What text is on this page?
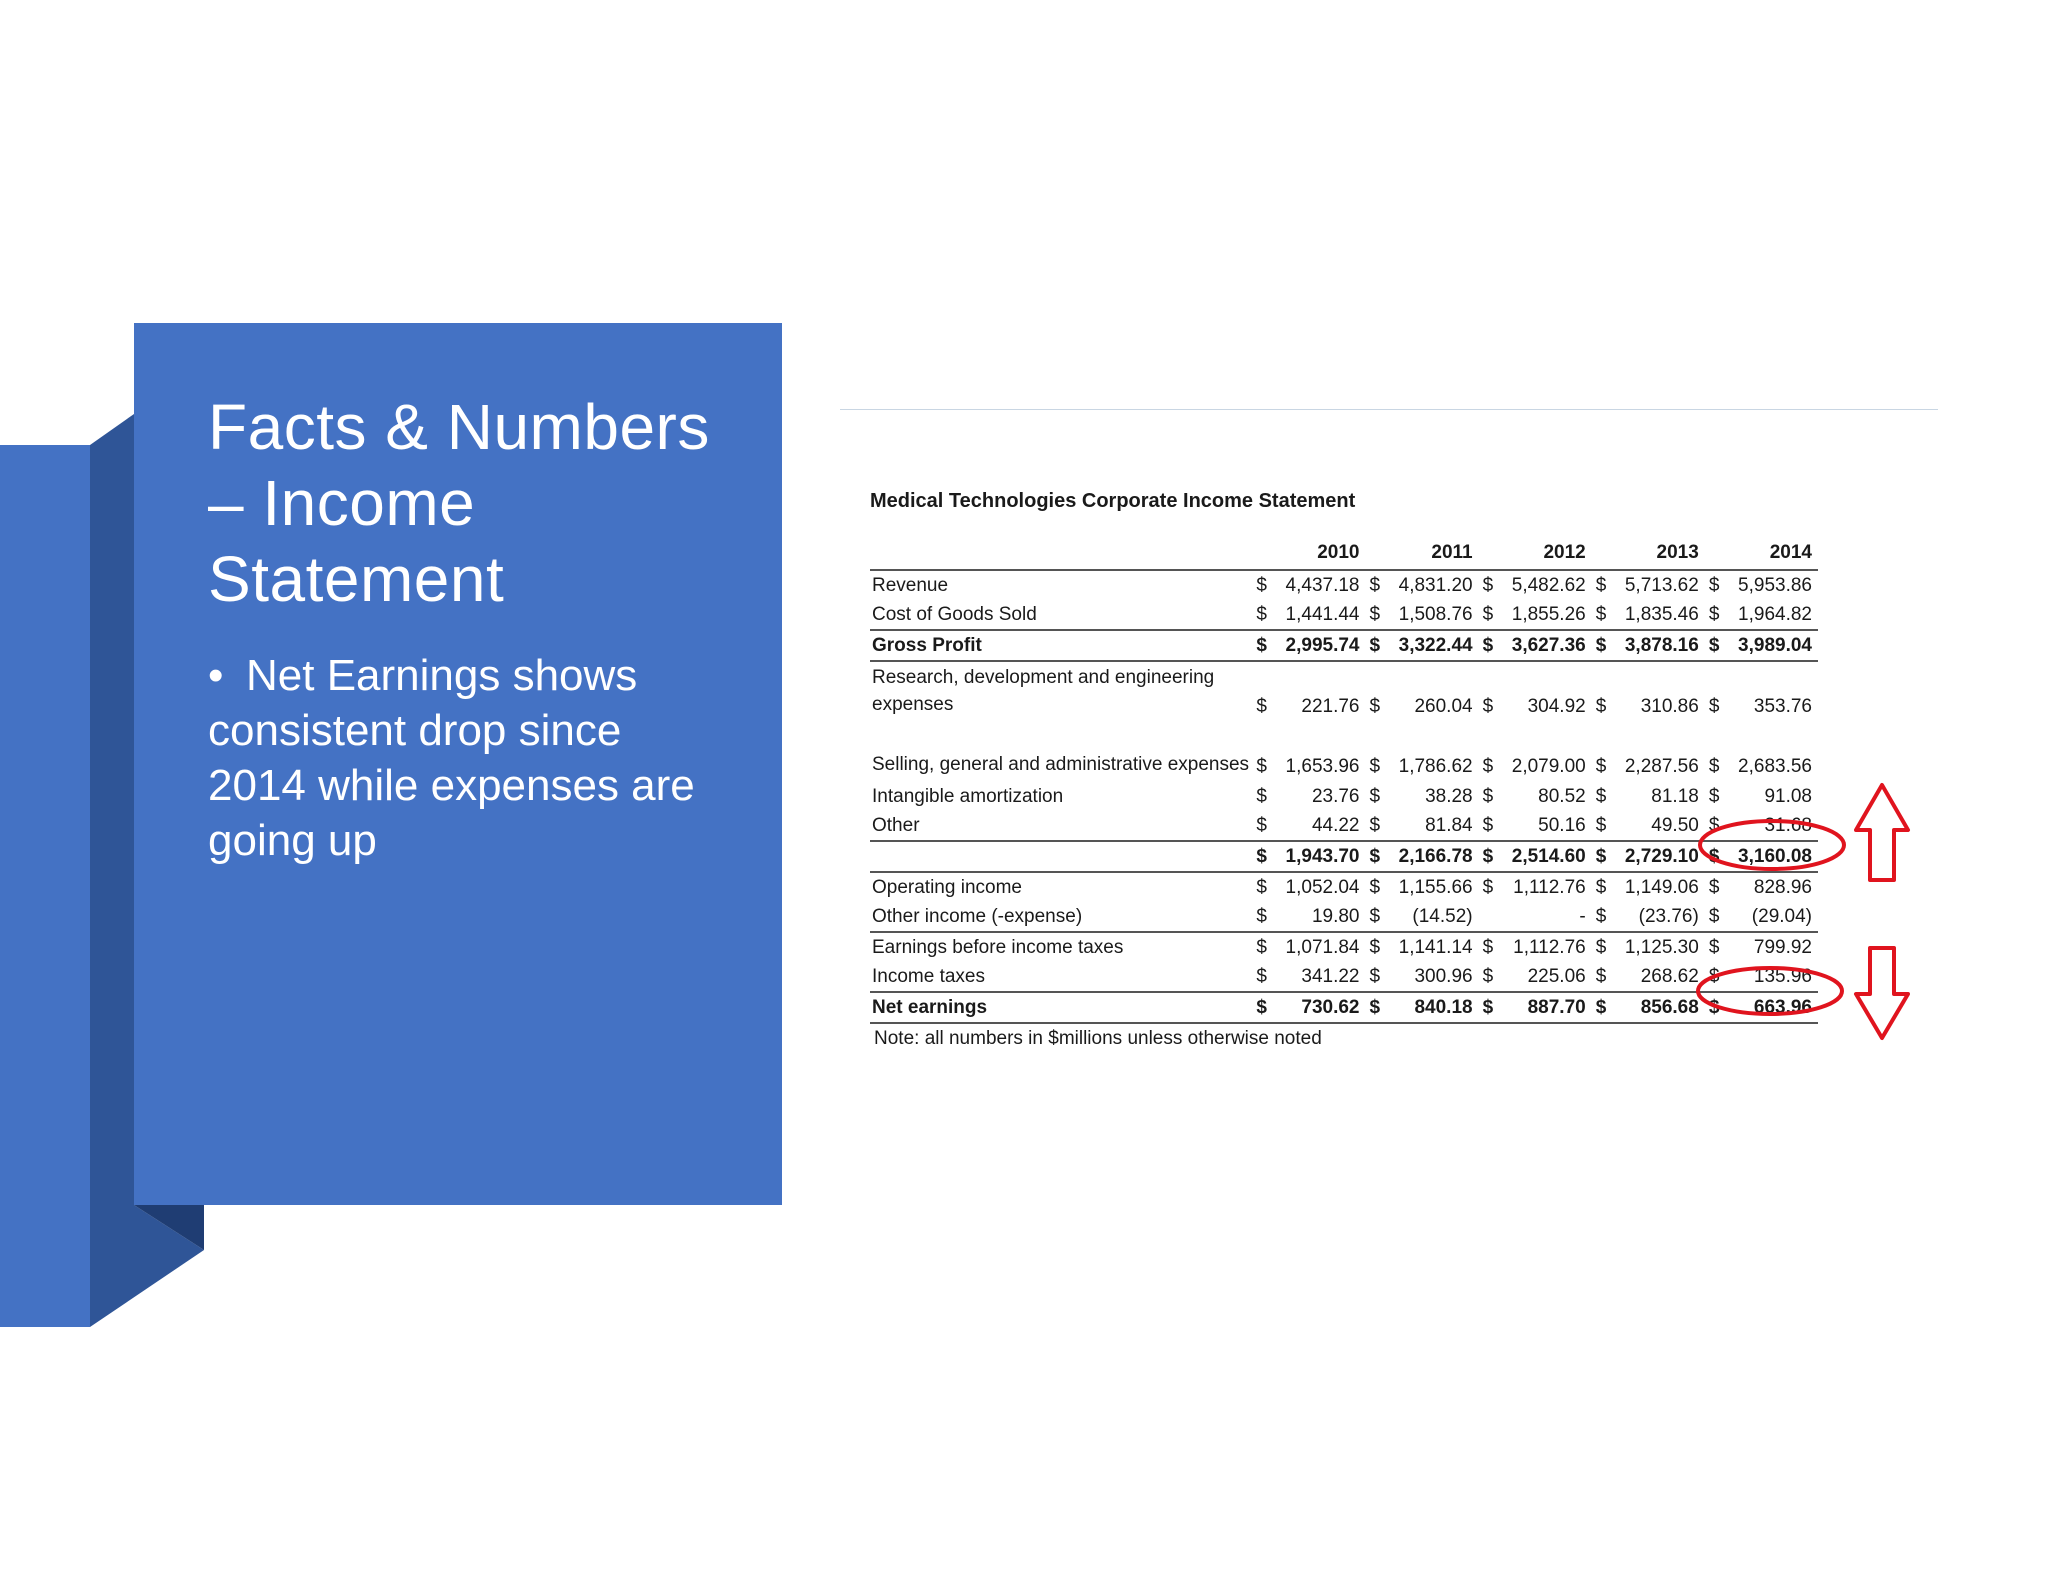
Facts & Numbers
– Income
Statement
• Net Earnings shows consistent drop since 2014 while expenses are going up
Medical Technologies Corporate Income Statement
	2010	2011	2012	2013	2014
Revenue	$ 4,437.18	$ 4,831.20	$ 5,482.62	$ 5,713.62	$ 5,953.86
Cost of Goods Sold	$ 1,441.44	$ 1,508.76	$ 1,855.26	$ 1,835.46	$ 1,964.82
Gross Profit	$ 2,995.74	$ 3,322.44	$ 3,627.36	$ 3,878.16	$ 3,989.04
Research, development and engineering expenses	$ 221.76	$ 260.04	$ 304.92	$ 310.86	$ 353.76
Selling, general and administrative expenses	$ 1,653.96	$ 1,786.62	$ 2,079.00	$ 2,287.56	$ 2,683.56
Intangible amortization	$ 23.76	$ 38.28	$ 80.52	$ 81.18	$ 91.08
Other	$ 44.22	$ 81.84	$ 50.16	$ 49.50	$ 31.68

	$ 1,943.70	$ 2,166.78	$ 2,514.60	$ 2,729.10	$ 3,160.08
Operating income	$ 1,052.04	$ 1,155.66	$ 1,112.76	$ 1,149.06	$ 828.96
Other income (-expense)	$ 19.80	$ (14.52)	-	$ (23.76)	$ (29.04)
Earnings before income taxes	$ 1,071.84	$ 1,141.14	$ 1,112.76	$ 1,125.30	$ 799.92
Income taxes	$ 341.22	$ 300.96	$ 225.06	$ 268.62	$ 135.96
Net earnings	$ 730.62	$ 840.18	$ 887.70	$ 856.68	$ 663.96
Note: all numbers in $millions unless otherwise noted
